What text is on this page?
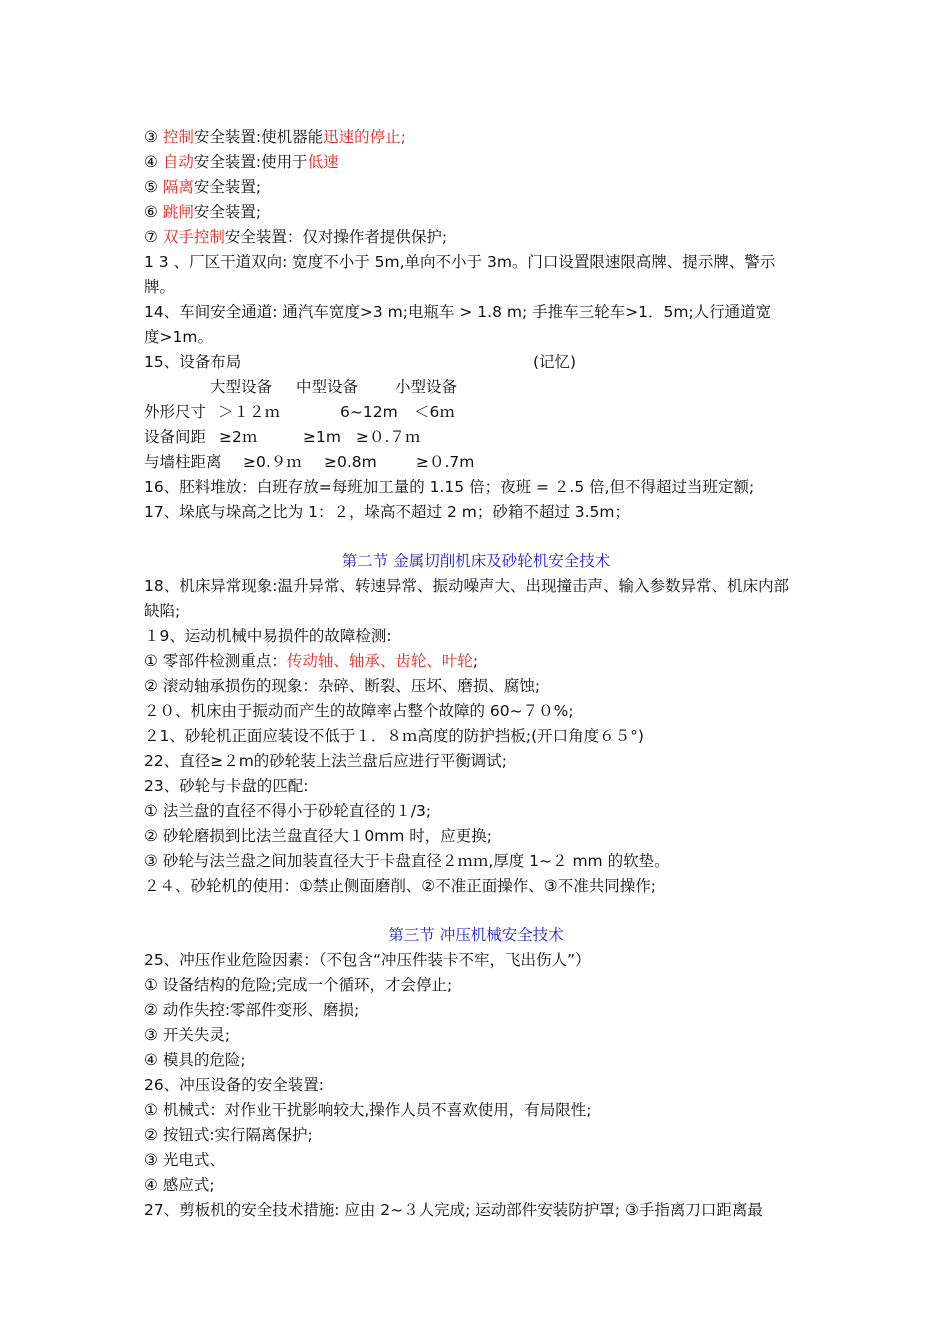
③ 控制安全装置:使机器能迅速的停止;
④ 自动安全装置:使用于低速
⑤ 隔离安全装置;
⑥ 跳闸安全装置;
⑦ 双手控制安全装置：仅对操作者提供保护;
1 3 、厂区干道双向: 宽度不小于 5m,单向不小于 3m。门口设置限速限高牌、提示牌、警示
牌。
14、车间安全通道: 通汽车宽度>3 m;电瓶车 > 1.8 m; 手推车三轮车>1．5m;人行通道宽
度>1m。
15、设备布局	(记忆)
大型设备 中型设备 小型设备
外形尺寸 ＞１２ｍ	6~12m ＜6ｍ
设备间距 ≥2ｍ	≥1m ≥０.７ｍ
与墙柱距离 ≥0.９ｍ ≥0.8m	≥０.7m
16、胚料堆放：白班存放=每班加工量的 1.15 倍；夜班 = ２.5 倍,但不得超过当班定额;
17、垛底与垛高之比为 1：２，垛高不超过 2 m；砂箱不超过 3.5m；
第二节 金属切削机床及砂轮机安全技术
18、机床异常现象:温升异常、转速异常、振动噪声大、出现撞击声、输入参数异常、机床内部
缺陷;
１9、运动机械中易损件的故障检测:
① 零部件检测重点：传动轴、轴承、齿轮、叶轮;
② 滚动轴承损伤的现象：杂碎、断裂、压坏、磨损、腐蚀;
２０、机床由于振动而产生的故障率占整个故障的 60~７０%;
２1、砂轮机正面应装设不低于１．８ｍ高度的防护挡板;(开口角度６５°)
22、直径≥２m的砂轮装上法兰盘后应进行平衡调试;
23、砂轮与卡盘的匹配:
① 法兰盘的直径不得小于砂轮直径的１/3;
② 砂轮磨损到比法兰盘直径大１0mm 时，应更换;
③ 砂轮与法兰盘之间加装直径大于卡盘直径２ｍｍ,厚度 1~２ mm 的软垫。
２４、砂轮机的使用：①禁止侧面磨削、②不准正面操作、③不准共同操作;
第三节 冲压机械安全技术
25、冲压作业危险因素：（不包含“冲压件装卡不牢，飞出伤人”）
① 设备结构的危险;完成一个循环，才会停止;
② 动作失控:零部件变形、磨损;
③ 开关失灵;
④ 模具的危险;
26、冲压设备的安全装置:
① 机械式：对作业干扰影响较大,操作人员不喜欢使用，有局限性;
② 按钮式:实行隔离保护;
③ 光电式、
④ 感应式;
27、剪板机的安全技术措施: 应由 2~３人完成; 运动部件安装防护罩; ③手指离刀口距离最
